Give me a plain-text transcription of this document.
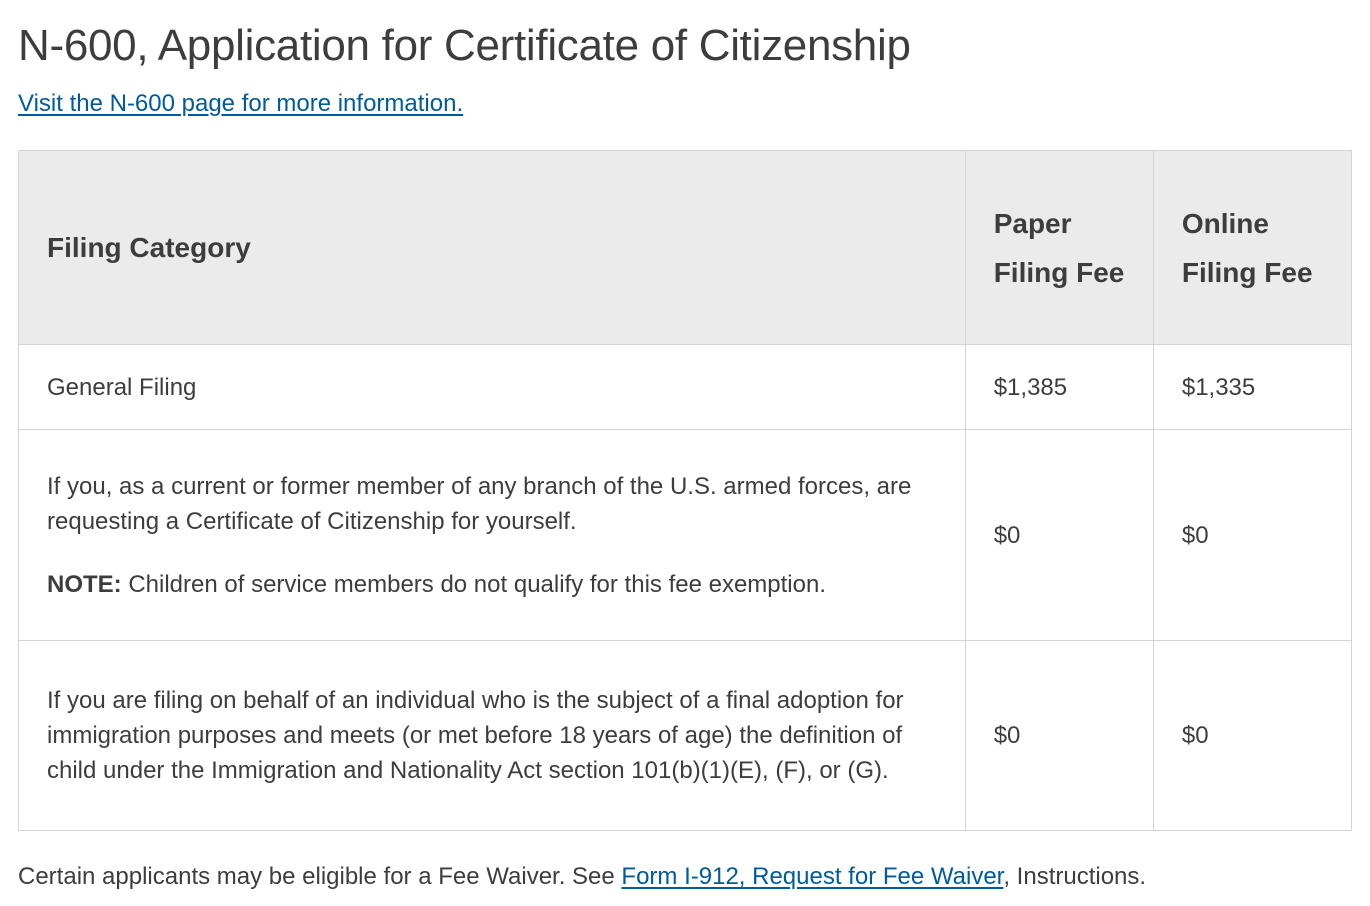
N-600, Application for Certificate of Citizenship
Visit the N-600 page for more information.
Filing Category	Paper Filing Fee	Online Filing Fee
General Filing	$1,385	$1,335

If you, as a current or former member of any branch of the U.S. armed forces, are requesting a Certificate of Citizenship for yourself.

NOTE: Children of service members do not qualify for this fee exemption.	$0	$0
If you are filing on behalf of an individual who is the subject of a final adoption for immigration purposes and meets (or met before 18 years of age) the definition of child under the Immigration and Nationality Act section 101(b)(1)(E), (F), or (G).	$0	$0

Certain applicants may be eligible for a Fee Waiver. See Form I-912, Request for Fee Waiver, Instructions.
